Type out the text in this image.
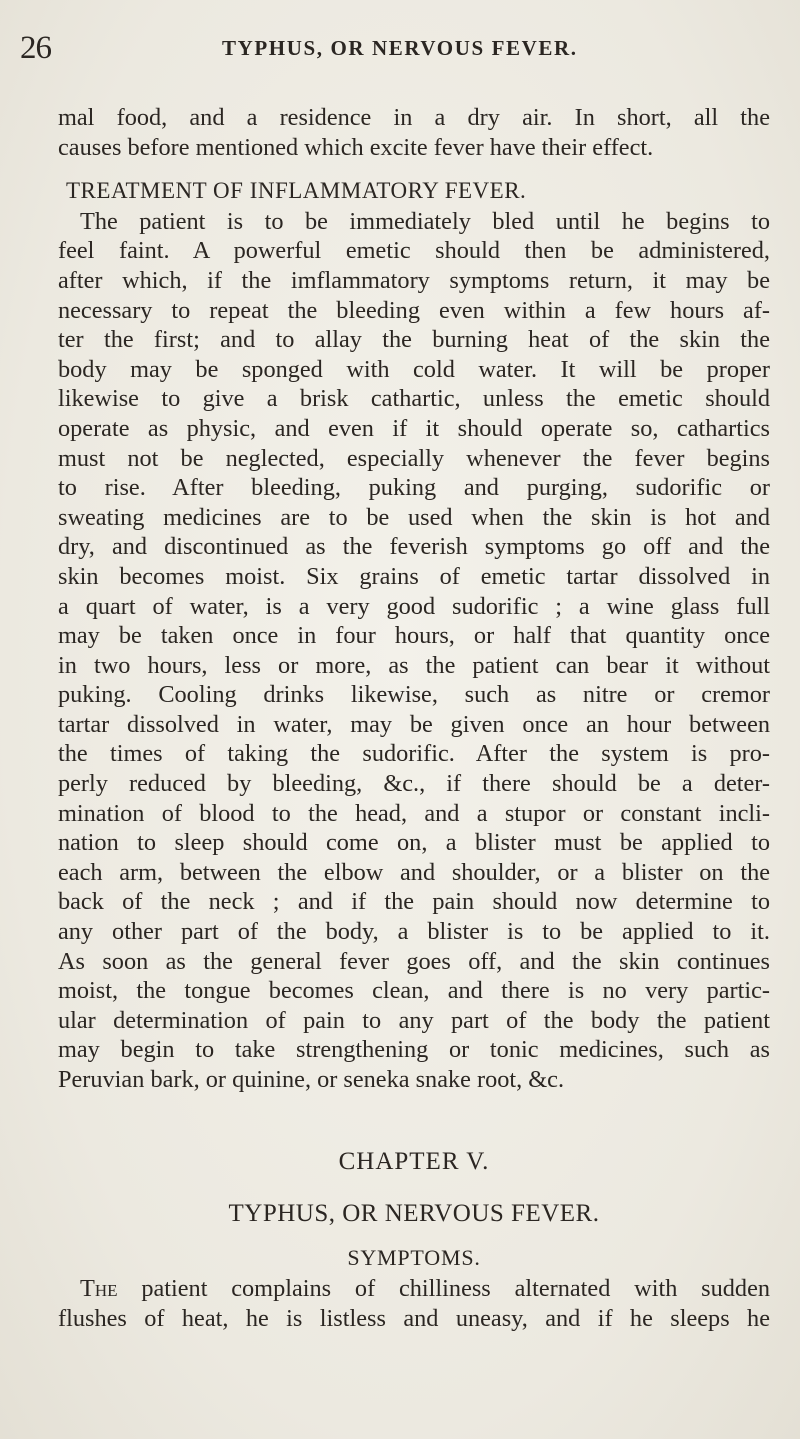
26	TYPHUS, OR NERVOUS FEVER.

mal food, and a residence in a dry air. In short, all the
causes before mentioned which excite fever have their effect.

TREATMENT OF INFLAMMATORY FEVER.

The patient is to be immediately bled until he begins to
feel faint. A powerful emetic should then be administered,
after which, if the imflammatory symptoms return, it may be
necessary to repeat the bleeding even within a few hours af-
ter the first; and to allay the burning heat of the skin the
body may be sponged with cold water. It will be proper
likewise to give a brisk cathartic, unless the emetic should
operate as physic, and even if it should operate so, cathartics
must not be neglected, especially whenever the fever begins
to rise. After bleeding, puking and purging, sudorific or
sweating medicines are to be used when the skin is hot and
dry, and discontinued as the feverish symptoms go off and the
skin becomes moist. Six grains of emetic tartar dissolved in
a quart of water, is a very good sudorific ; a wine glass full
may be taken once in four hours, or half that quantity once
in two hours, less or more, as the patient can bear it without
puking. Cooling drinks likewise, such as nitre or cremor
tartar dissolved in water, may be given once an hour between
the times of taking the sudorific. After the system is pro-
perly reduced by bleeding, &c., if there should be a deter-
mination of blood to the head, and a stupor or constant incli-
nation to sleep should come on, a blister must be applied to
each arm, between the elbow and shoulder, or a blister on the
back of the neck ; and if the pain should now determine to
any other part of the body, a blister is to be applied to it.
As soon as the general fever goes off, and the skin continues
moist, the tongue becomes clean, and there is no very partic-
ular determination of pain to any part of the body the patient
may begin to take strengthening or tonic medicines, such as
Peruvian bark, or quinine, or seneka snake root, &c.

CHAPTER V.
TYPHUS, OR NERVOUS FEVER.
SYMPTOMS.

The patient complains of chilliness alternated with sudden
flushes of heat, he is listless and uneasy, and if he sleeps he
